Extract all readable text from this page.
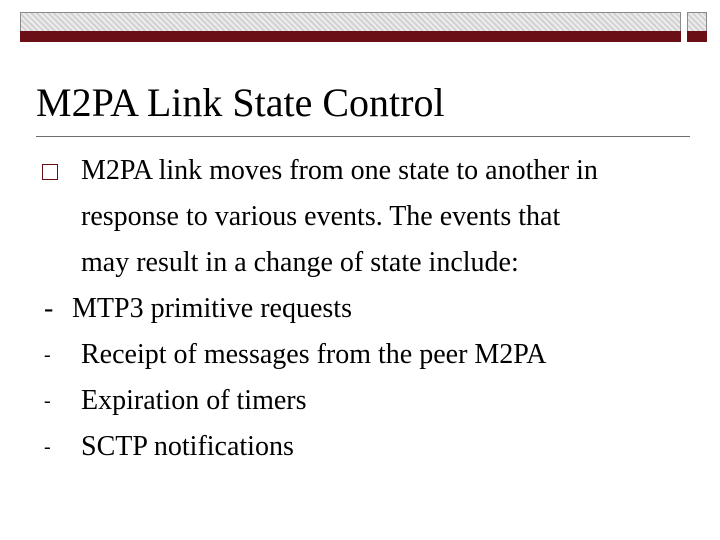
M2PA Link State Control
M2PA link moves from one state to another in
response to various events. The events that
may result in a change of state include:
- MTP3 primitive requests
- Receipt of messages from the peer M2PA
- Expiration of timers
- SCTP notifications
